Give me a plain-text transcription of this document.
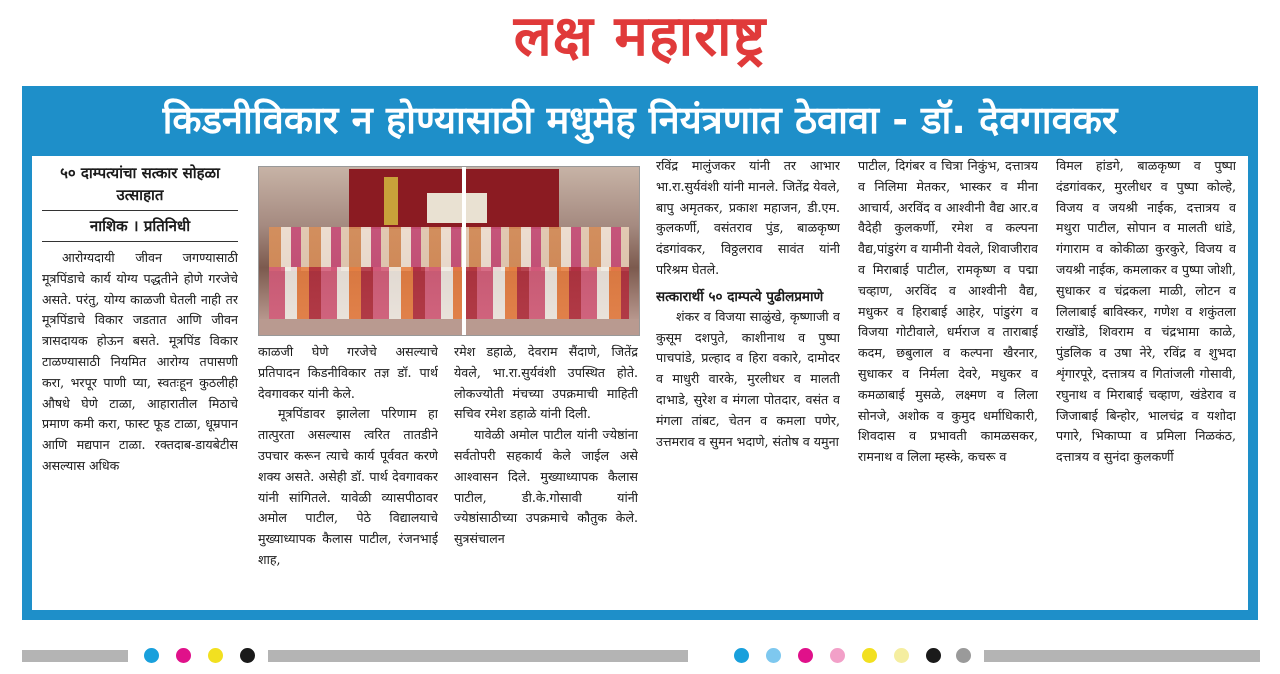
लक्ष महाराष्ट्र
किडनीविकार न होण्यासाठी मधुमेह नियंत्रणात ठेवावा - डॉ. देवगावकर
५० दाम्पत्यांचा सत्कार सोहळा उत्साहात
नाशिक । प्रतिनिधी

आरोग्यदायी जीवन जगण्यासाठी मूत्रपिंडाचे कार्य योग्य पद्धतीने होणे गरजेचे असते. परंतु, योग्य काळजी घेतली नाही तर मूत्रपिंडाचे विकार जडतात आणि जीवन त्रासदायक होऊन बसते. मूत्रपिंड विकार टाळण्यासाठी नियमित आरोग्य तपासणी करा, भरपूर पाणी प्या, स्वतःहून कुठलीही औषधे घेणे टाळा, आहारातील मिठाचे प्रमाण कमी करा, फास्ट फूड टाळा, धूम्रपान आणि मद्यपान टाळा. रक्तदाब-डायबेटीस असल्यास अधिक

काळजी घेणे गरजेचे असल्याचे प्रतिपादन किडनीविकार तज्ञ डॉ. पार्थ देवगावकर यांनी केले.

मूत्रपिंडावर झालेला परिणाम हा तात्पुरता असल्यास त्वरित तातडीने उपचार करून त्याचे कार्य पूर्ववत करणे शक्य असते. असेही डॉ. पार्थ देवगावकर यांनी सांगितले. यावेळी व्यासपीठावर अमोल पाटील, पेठे विद्यालयाचे मुख्याध्यापक कैलास पाटील, रंजनभाई शाह,

रमेश डहाळे, देवराम सैंदाणे, जितेंद्र येवले, भा.रा.सुर्यवंशी उपस्थित होते. लोकज्योती मंचच्या उपक्रमाची माहिती सचिव रमेश डहाळे यांनी दिली.

यावेळी अमोल पाटील यांनी ज्येष्ठांना सर्वतोपरी सहकार्य केले जाईल असे आश्वासन दिले. मुख्याध्यापक कैलास पाटील, डी.के.गोसावी यांनी ज्येष्ठांसाठीच्या उपक्रमाचे कौतुक केले. सुत्रसंचालन

रविंद्र मालुंजकर यांनी तर आभार भा.रा.सुर्यवंशी यांनी मानले. जितेंद्र येवले, बापु अमृतकर, प्रकाश महाजन, डी.एम. कुलकर्णी, वसंतराव पुंड, बाळकृष्ण दंडगांवकर, विठ्ठलराव सावंत यांनी परिश्रम घेतले.

सत्कारार्थी ५० दाम्पत्ये पुढीलप्रमाणे

शंकर व विजया साळुंखे, कृष्णाजी व कुसूम दशपुते, काशीनाथ व पुष्पा पाचपांडे, प्रल्हाद व हिरा वकारे, दामोदर व माधुरी वारके, मुरलीधर व मालती दाभाडे, सुरेश व मंगला पोतदार, वसंत व मंगला तांबट, चेतन व कमला पणेर, उत्तमराव व सुमन भदाणे, संतोष व यमुना

पाटील, दिगंबर व चित्रा निकुंभ, दत्तात्रय व निलिमा मेतकर, भास्कर व मीना आचार्य, अरविंद व आश्वीनी वैद्य आर.व वैदेही कुलकर्णी, रमेश व कल्पना वैद्य,पांडुरंग व यामीनी येवले, शिवाजीराव व मिराबाई पाटील, रामकृष्ण व पद्मा चव्हाण, अरविंद व आश्वीनी वैद्य, मधुकर व हिराबाई आहेर, पांडुरंग व विजया गोटीवाले, धर्मराज व ताराबाई कदम, छबुलाल व कल्पना खैरनार, सुधाकर व निर्मला देवरे, मधुकर व कमळाबाई मुसळे, लक्ष्मण व लिला सोनजे, अशोक व कुमुद धर्माधिकारी, शिवदास व प्रभावती कामळसकर, रामनाथ व लिला म्हस्के, कचरू व

विमल हांडगे, बाळकृष्ण व पुष्पा दंडगांवकर, मुरलीधर व पुष्पा कोल्हे, विजय व जयश्री नाईक, दत्तात्रय व मथुरा पाटील, सोपान व मालती धांडे, गंगाराम व कोकीळा कुरकुरे, विजय व जयश्री नाईक, कमलाकर व पुष्पा जोशी, सुधाकर व चंद्रकला माळी, लोटन व लिलाबाई बाविस्कर, गणेश व शकुंतला राखोंडे, शिवराम व चंद्रभामा काळे, पुंडलिक व उषा नेरे, रविंद्र व शुभदा शृंगारपूरे, दत्तात्रय व गितांजली गोसावी, रघुनाथ व मिराबाई चव्हाण, खंडेराव व जिजाबाई बिन्होर, भालचंद्र व यशोदा पगारे, भिकाप्पा व प्रमिला निळकंठ, दत्तात्रय व सुनंदा कुलकर्णी
